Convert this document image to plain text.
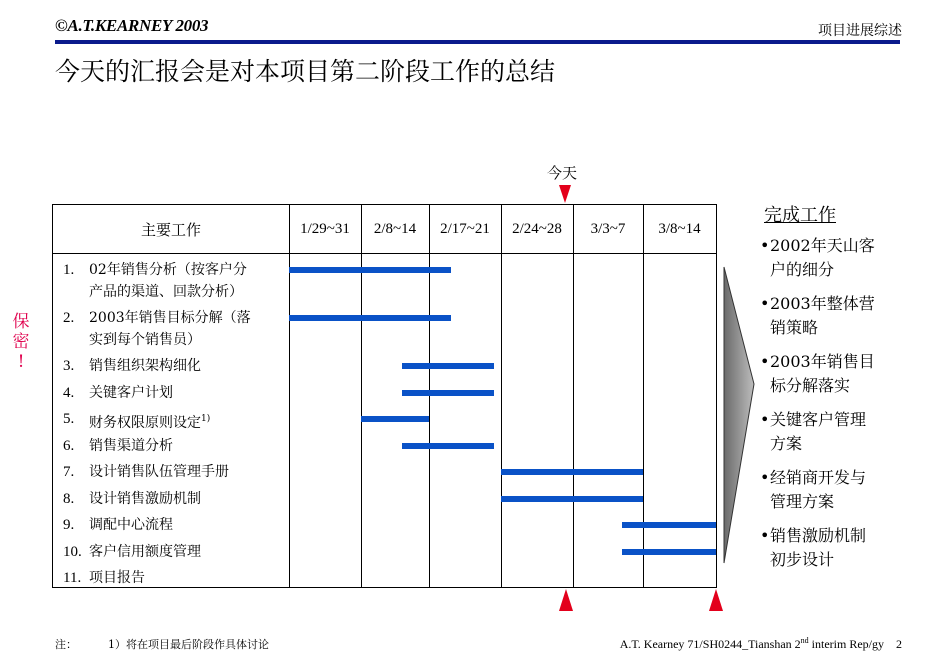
©A.T.KEARNEY 2003	项目进展综述
今天的汇报会是对本项目第二阶段工作的总结
保
密
!
今天
主要工作	1/29~31	2/8~14	2/17~21	2/24~28	3/3~7	3/8~14
1.	02年销售分析（按客户分
产品的渠道、回款分析）
2.	2003年销售目标分解（落
实到每个销售员）
3.	销售组织架构细化
4.	关键客户计划
5.	财务权限原则设定$^{1)}$
6.	销售渠道分析
7.	设计销售队伍管理手册
8.	设计销售激励机制
9.	调配中心流程
10. 客户信用额度管理
11. 项目报告
完成工作
• 2002年天山客
户的细分
• 2003年整体营
销策略
• 2003年销售目
标分解落实
• 关键客户管理
方案
• 经销商开发与
管理方案
• 销售激励机制
初步设计
注：	1）将在项目最后阶段作具体讨论	A.T. Kearney 71/SH0244_Tianshan 2nd interim Rep/gy 2
